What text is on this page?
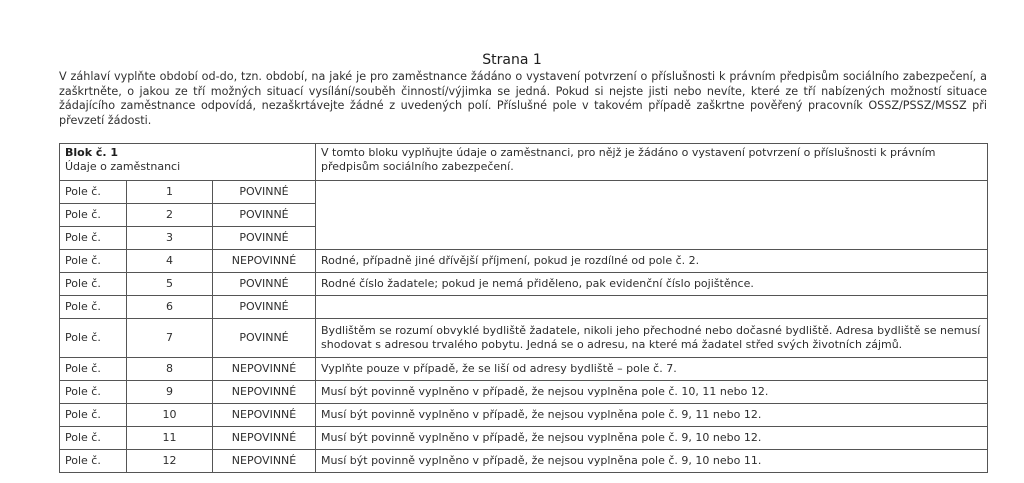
Strana 1
V záhlaví vyplňte období od-do, tzn. období, na jaké je pro zaměstnance žádáno o vystavení potvrzení o příslušnosti k právním předpisům sociálního zabezpečení, a zaškrtněte, o jakou ze tří možných situací vysílání/souběh činností/výjimka se jedná. Pokud si nejste jisti nebo nevíte, které ze tří nabízených možností situace žádajícího zaměstnance odpovídá, nezaškrtávejte žádné z uvedených polí. Příslušné pole v takovém případě zaškrtne pověřený pracovník OSSZ/PSSZ/MSSZ při převzetí žádosti.
Blok č. 1
Údaje o zaměstnanci			V tomto bloku vyplňujte údaje o zaměstnanci, pro nějž je žádáno o vystavení potvrzení o příslušnosti k právním předpisům sociálního zabezpečení.
Pole č.	1	POVINNÉ	
Pole č.	2	POVINNÉ	
Pole č.	3	POVINNÉ	
Pole č.	4	NEPOVINNÉ	Rodné, případně jiné dřívější příjmení, pokud je rozdílné od pole č. 2.
Pole č.	5	POVINNÉ	Rodné číslo žadatele; pokud je nemá přiděleno, pak evidenční číslo pojištěnce.
Pole č.	6	POVINNÉ	
Pole č.	7	POVINNÉ	Bydlištěm se rozumí obvyklé bydliště žadatele, nikoli jeho přechodné nebo dočasné bydliště. Adresa bydliště se nemusí shodovat s adresou trvalého pobytu. Jedná se o adresu, na které má žadatel střed svých životních zájmů.
Pole č.	8	NEPOVINNÉ	Vyplňte pouze v případě, že se liší od adresy bydliště – pole č. 7.
Pole č.	9	NEPOVINNÉ	Musí být povinně vyplněno v případě, že nejsou vyplněna pole č. 10, 11 nebo 12.
Pole č.	10	NEPOVINNÉ	Musí být povinně vyplněno v případě, že nejsou vyplněna pole č. 9, 11 nebo 12.
Pole č.	11	NEPOVINNÉ	Musí být povinně vyplněno v případě, že nejsou vyplněna pole č. 9, 10 nebo 12.
Pole č.	12	NEPOVINNÉ	Musí být povinně vyplněno v případě, že nejsou vyplněna pole č. 9, 10 nebo 11.
